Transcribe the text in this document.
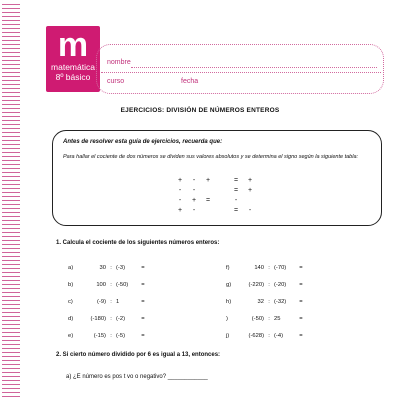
m
matemática
8º básico
nombre
curso	fecha
EJERCICIOS: DIVISIÓN DE NÚMEROS ENTEROS
Antes de resolver esta guía de ejercicios, recuerda que:
Para hallar el cociente de dos números se dividen sus valores absolutos y se determina el signo según la siguiente tabla:
+	-	+	=	+
-	-	=	+
-	+	=	-
+	-	=	-
1. Calcula el cociente de los siguientes números enteros:
2. Si cierto número dividido por 6 es igual a 13, entonces:
a) ¿E número es pos t vo o negativo? ____________
a)	30 : (-3)	=
b)	100 : (-50) =
c)	(-9) : 1	=
d)	(-180) : (-2)	=
e)	(-15) : (-5)	=
f)	140 : (-70) =
g)	(-220) : (-20) =
h)	32 : (-32) =
)	(-50) : 25	=
j)	(-628) : (-4)	=
